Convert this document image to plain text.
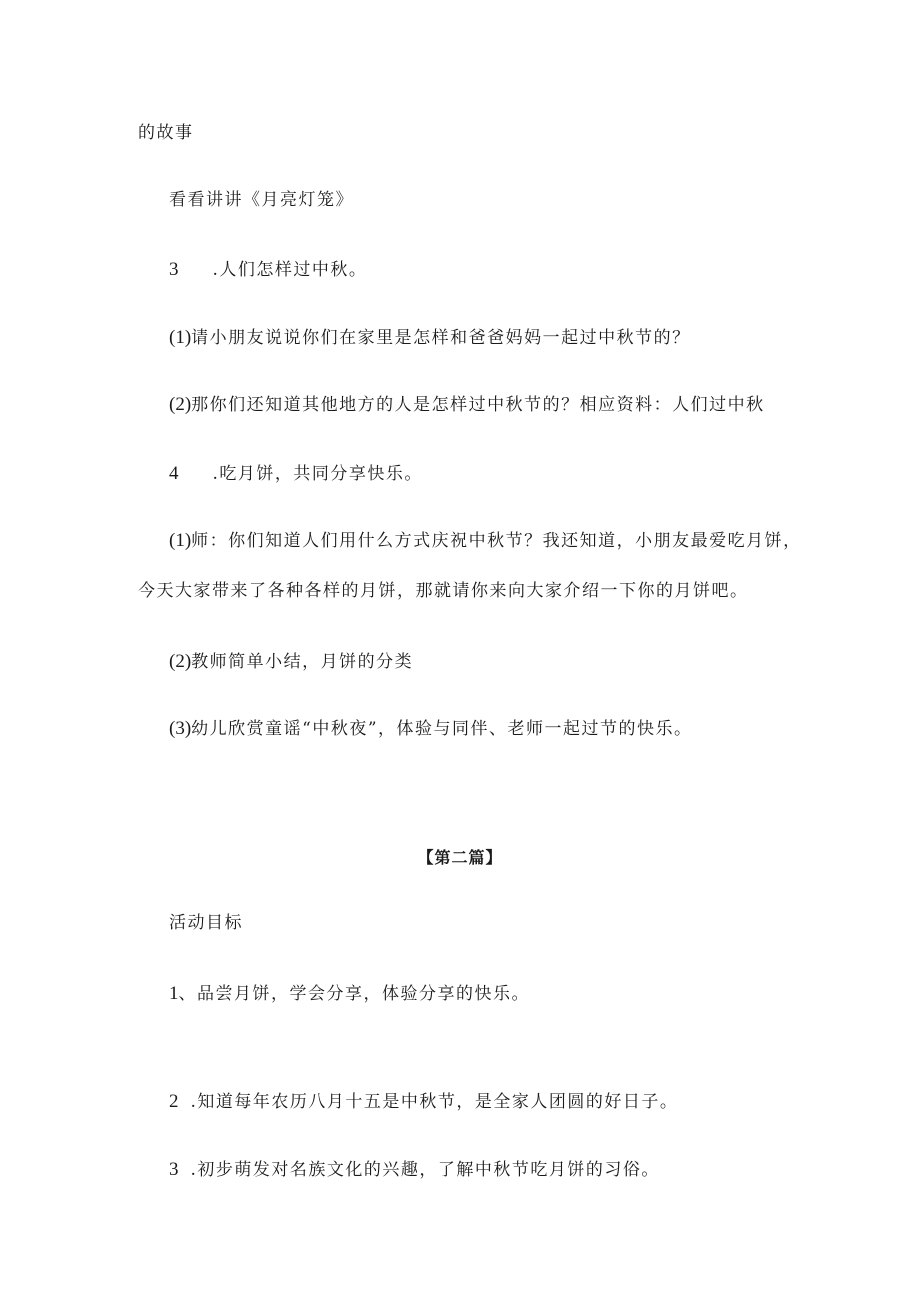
的故事
看看讲讲《月亮灯笼》
3 .人们怎样过中秋。
(1)请小朋友说说你们在家里是怎样和爸爸妈妈一起过中秋节的？
(2)那你们还知道其他地方的人是怎样过中秋节的？相应资料：人们过中秋
4 .吃月饼，共同分享快乐。
(1)师：你们知道人们用什么方式庆祝中秋节？我还知道，小朋友最爱吃月饼，
今天大家带来了各种各样的月饼，那就请你来向大家介绍一下你的月饼吧。
(2)教师简单小结，月饼的分类
(3)幼儿欣赏童谣“中秋夜”，体验与同伴、老师一起过节的快乐。
【第二篇】
活动目标
1、品尝月饼，学会分享，体验分享的快乐。
2 .知道每年农历八月十五是中秋节，是全家人团圆的好日子。
3 .初步萌发对名族文化的兴趣，了解中秋节吃月饼的习俗。
